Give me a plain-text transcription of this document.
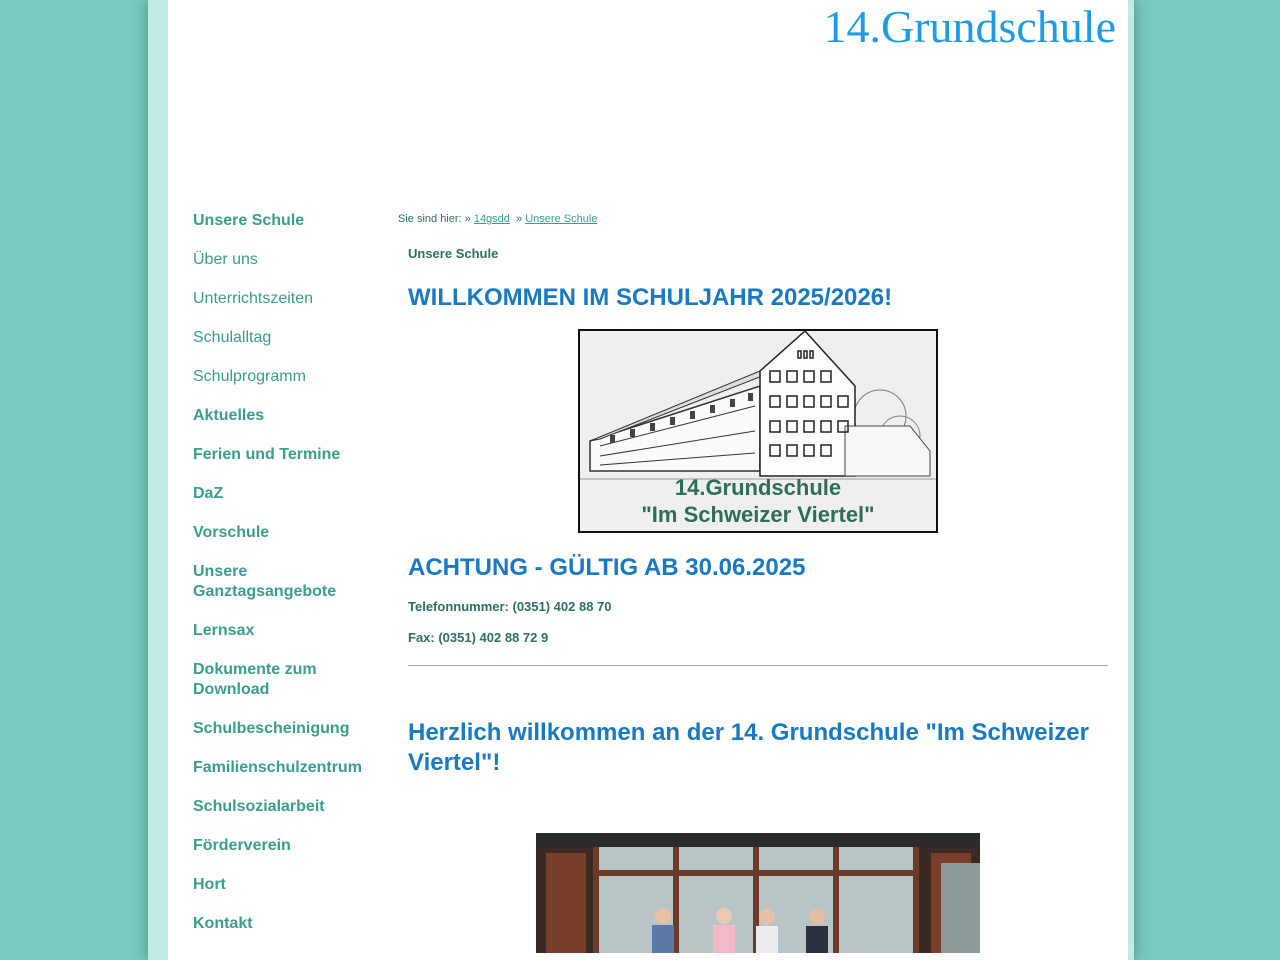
14.Grundschule
Unsere Schule
Über uns
Unterrichtszeiten
Schulalltag
Schulprogramm
Aktuelles
Ferien und Termine
DaZ
Vorschule
Unsere Ganztagsangebote
Lernsax
Dokumente zum Download
Schulbescheinigung
Familienschulzentrum
Schulsozialarbeit
Förderverein
Hort
Kontakt
Sie sind hier: » 14gsdd » Unsere Schule

Unsere Schule

WILLKOMMEN IM SCHULJAHR 2025/2026!
14.Grundschule
"Im Schweizer Viertel"
ACHTUNG - GÜLTIG AB 30.06.2025

Telefonnummer: (0351) 402 88 70

Fax: (0351) 402 88 72 9

Herzlich willkommen an der 14. Grundschule "Im Schweizer Viertel"!
